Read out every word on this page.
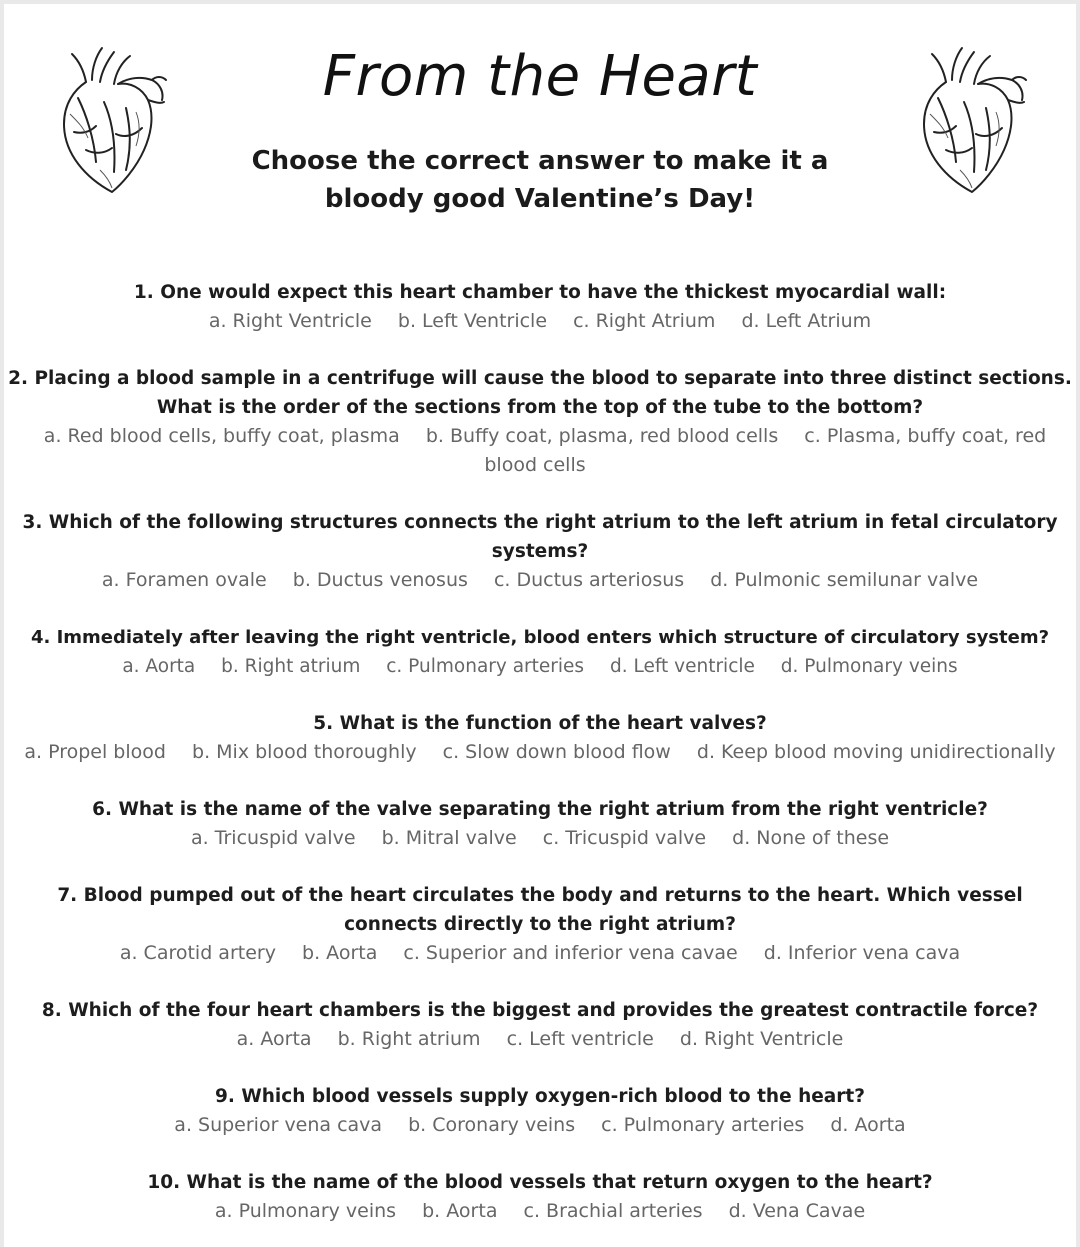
From the Heart
Choose the correct answer to make it a
bloody good Valentine’s Day!
1. One would expect this heart chamber to have the thickest myocardial wall:
a. Right Ventricle b. Left Ventricle c. Right Atrium d. Left Atrium
2. Placing a blood sample in a centrifuge will cause the blood to separate into three distinct sections. What is the order of the sections from the top of the tube to the bottom?
a. Red blood cells, buffy coat, plasma b. Buffy coat, plasma, red blood cells c. Plasma, buffy coat, red blood cells
3. Which of the following structures connects the right atrium to the left atrium in fetal circulatory systems?
a. Foramen ovale b. Ductus venosus c. Ductus arteriosus d. Pulmonic semilunar valve
4. Immediately after leaving the right ventricle, blood enters which structure of circulatory system?
a. Aorta b. Right atrium c. Pulmonary arteries d. Left ventricle d. Pulmonary veins
5. What is the function of the heart valves?
a. Propel blood b. Mix blood thoroughly c. Slow down blood flow d. Keep blood moving unidirectionally
6. What is the name of the valve separating the right atrium from the right ventricle?
a. Tricuspid valve b. Mitral valve c. Tricuspid valve d. None of these
7. Blood pumped out of the heart circulates the body and returns to the heart. Which vessel connects directly to the right atrium?
a. Carotid artery b. Aorta c. Superior and inferior vena cavae d. Inferior vena cava
8. Which of the four heart chambers is the biggest and provides the greatest contractile force?
a. Aorta b. Right atrium c. Left ventricle d. Right Ventricle
9. Which blood vessels supply oxygen-rich blood to the heart?
a. Superior vena cava b. Coronary veins c. Pulmonary arteries d. Aorta
10. What is the name of the blood vessels that return oxygen to the heart?
a. Pulmonary veins b. Aorta c. Brachial arteries d. Vena Cavae
